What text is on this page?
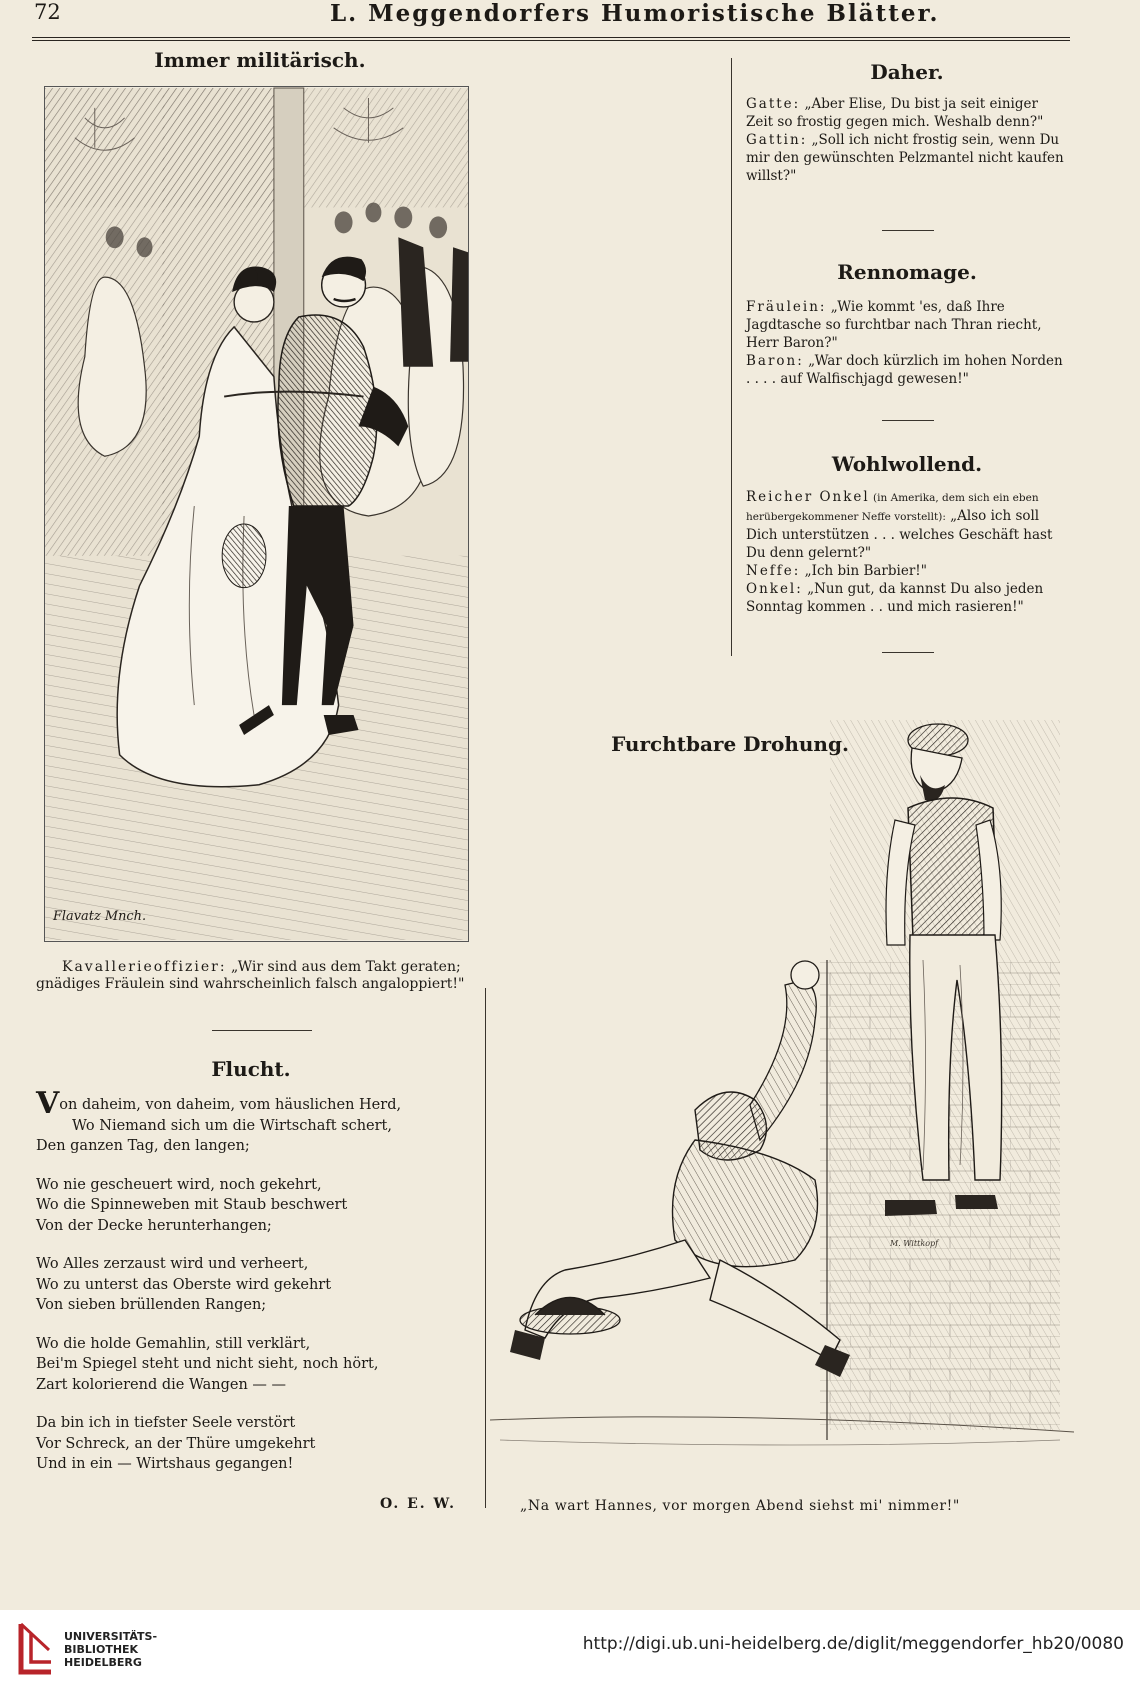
72	L. Meggendorfers Humoristische Blätter.
Immer militärisch.
Flavatz Mnch.
Kavallerieoffizier: „Wir sind aus dem Takt geraten; gnädiges Fräulein sind wahrscheinlich falsch angaloppiert!"
Flucht.

Von daheim, von daheim, vom häuslichen Herd,

Wo Niemand sich um die Wirtschaft schert,

Den ganzen Tag, den langen;

Wo nie gescheuert wird, noch gekehrt,

Wo die Spinneweben mit Staub beschwert

Von der Decke herunterhangen;

Wo Alles zerzaust wird und verheert,

Wo zu unterst das Oberste wird gekehrt

Von sieben brüllenden Rangen;

Wo die holde Gemahlin, still verklärt,

Bei'm Spiegel steht und nicht sieht, noch hört,

Zart kolorierend die Wangen — —

Da bin ich in tiefster Seele verstört

Vor Schreck, an der Thüre umgekehrt

Und in ein — Wirtshaus gegangen!

O. E. W.
Daher.

Gatte: „Aber Elise, Du bist ja seit einiger Zeit so frostig gegen mich. Weshalb denn?"

Gattin: „Soll ich nicht frostig sein, wenn Du mir den gewünschten Pelzmantel nicht kaufen willst?"

Rennomage.

Fräulein: „Wie kommt 'es, daß Ihre Jagdtasche so furchtbar nach Thran riecht, Herr Baron?"

Baron: „War doch kürzlich im hohen Norden . . . . auf Walfischjagd gewesen!"

Wohlwollend.

Reicher Onkel (in Amerika, dem sich ein eben herübergekommener Neffe vorstellt): „Also ich soll Dich unterstützen . . . welches Geschäft hast Du denn gelernt?"

Neffe: „Ich bin Barbier!"

Onkel: „Nun gut, da kannst Du also jeden Sonntag kommen . . und mich rasieren!"

Furchtbare Drohung.
M. Wittkopf
„Na wart Hannes, vor morgen Abend siehst mi' nimmer!"
UNIVERSITÄTS-
BIBLIOTHEK
HEIDELBERG
http://digi.ub.uni-heidelberg.de/diglit/meggendorfer_hb20/0080
